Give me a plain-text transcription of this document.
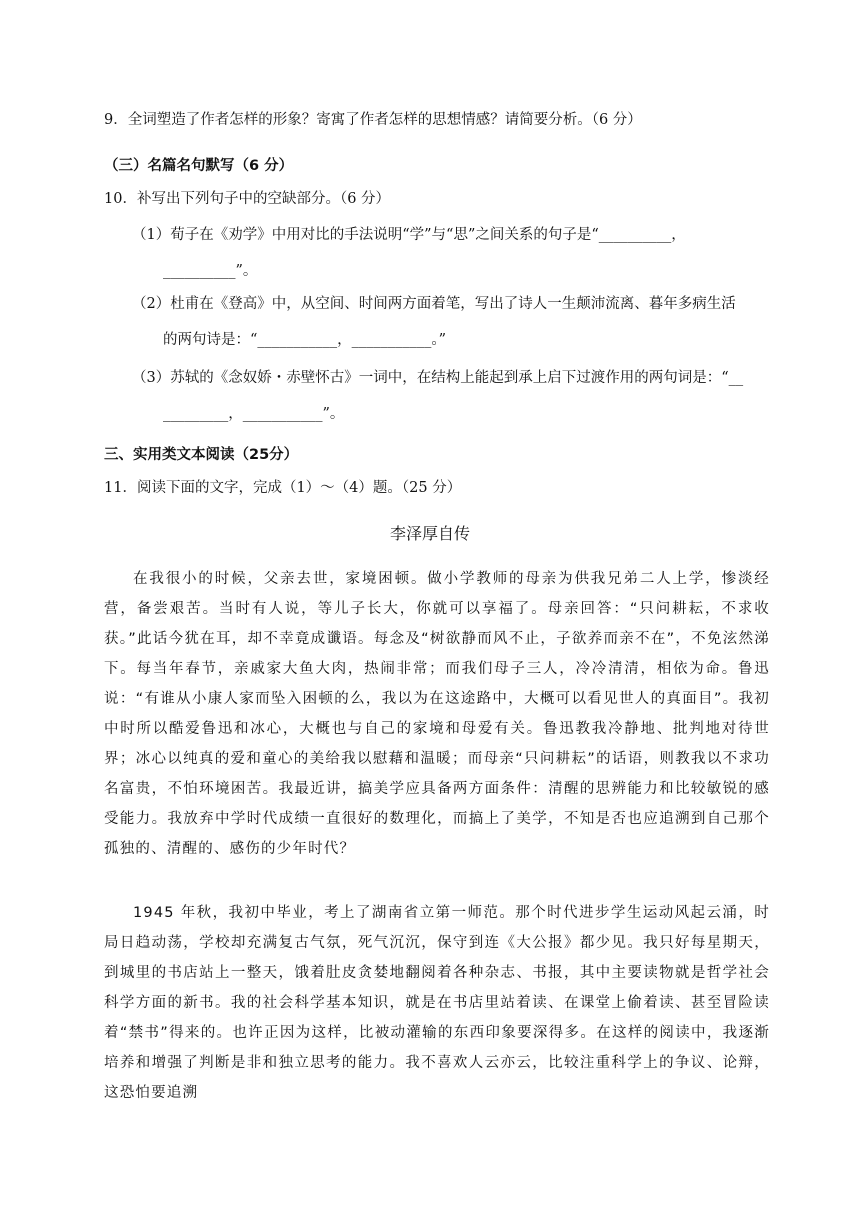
9．全词塑造了作者怎样的形象？寄寓了作者怎样的思想情感？请简要分析。（6 分）
（三）名篇名句默写（6 分）
10．补写出下列句子中的空缺部分。（6 分）
（1）荀子在《劝学》中用对比的手法说明“学”与“思”之间关系的句子是“__________，
__________”。
（2）杜甫在《登高》中，从空间、时间两方面着笔，写出了诗人一生颠沛流离、暮年多病生活
的两句诗是：“___________，___________。”
（3）苏轼的《念奴娇・赤壁怀古》一词中，在结构上能起到承上启下过渡作用的两句词是：“__
_________，___________”。
三、实用类文本阅读（25分）
11．阅读下面的文字，完成（1）～（4）题。（25 分）
李泽厚自传

在我很小的时候，父亲去世，家境困顿。做小学教师的母亲为供我兄弟二人上学，惨淡经营，备尝艰苦。当时有人说，等儿子长大，你就可以享福了。母亲回答：“只问耕耘，不求收获。”此话今犹在耳，却不幸竟成谶语。每念及“树欲静而风不止，子欲养而亲不在”，不免泫然涕下。每当年春节，亲戚家大鱼大肉，热闹非常；而我们母子三人，冷冷清清，相依为命。鲁迅说：“有谁从小康人家而坠入困顿的么，我以为在这途路中，大概可以看见世人的真面目”。我初中时所以酷爱鲁迅和冰心，大概也与自己的家境和母爱有关。鲁迅教我冷静地、批判地对待世界；冰心以纯真的爱和童心的美给我以慰藉和温暖；而母亲“只问耕耘”的话语，则教我以不求功名富贵，不怕环境困苦。我最近讲，搞美学应具备两方面条件：清醒的思辨能力和比较敏锐的感受能力。我放弃中学时代成绩一直很好的数理化，而搞上了美学，不知是否也应追溯到自己那个孤独的、清醒的、感伤的少年时代？

1945 年秋，我初中毕业，考上了湖南省立第一师范。那个时代进步学生运动风起云涌，时局日趋动荡，学校却充满复古气氛，死气沉沉，保守到连《大公报》都少见。我只好每星期天，到城里的书店站上一整天，饿着肚皮贪婪地翻阅着各种杂志、书报，其中主要读物就是哲学社会科学方面的新书。我的社会科学基本知识，就是在书店里站着读、在课堂上偷着读、甚至冒险读着“禁书”得来的。也许正因为这样，比被动灌输的东西印象要深得多。在这样的阅读中，我逐渐培养和增强了判断是非和独立思考的能力。我不喜欢人云亦云，比较注重科学上的争议、论辩，这恐怕要追溯
